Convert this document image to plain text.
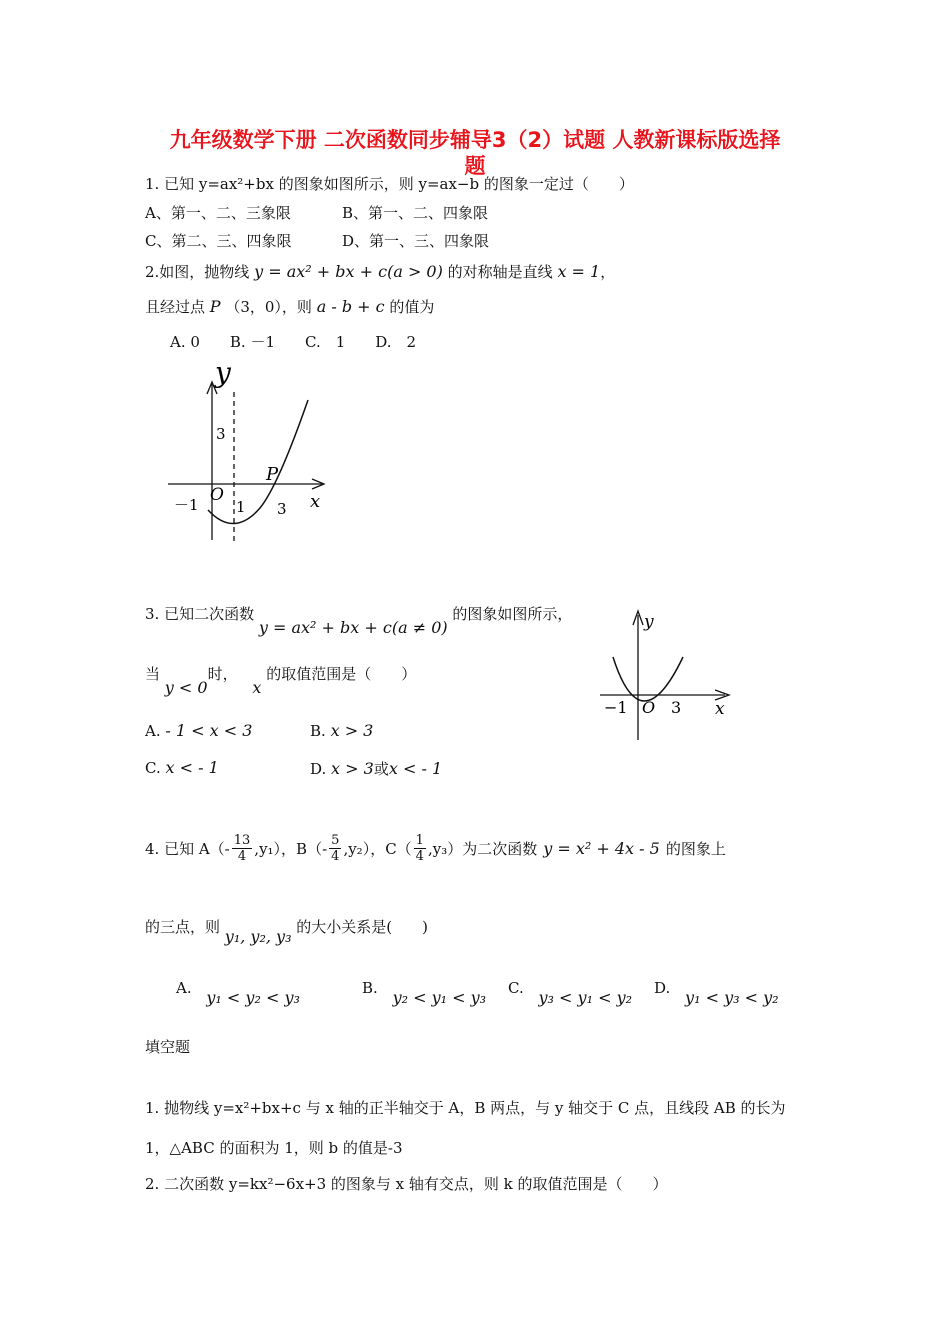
九年级数学下册 二次函数同步辅导3（2）试题 人教新课标版选择
题
1. 已知 y=ax²+bx 的图象如图所示，则 y=ax−b 的图象一定过（　　）
A、第一、二、三象限	B、第一、二、四象限
C、第二、三、四象限	D、第一、三、四象限
2.如图，抛物线 y = ax² + bx + c(a > 0) 的对称轴是直线 x = 1，
且经过点 P （3，0），则 a - b + c 的值为
A. 0　　B. －1　　C.　1　　D.　2
y
x
3
－1 O
1 3
P
3. 已知二次函数 y = ax² + bx + c(a ≠ 0) 的图象如图所示，
当 y < 0时， x 的取值范围是（　　）
A. - 1 < x < 3	B. x > 3
C. x < - 1	D. x > 3或x < - 1
y
x
−1 O 3
4. 已知 $A(- \frac{13}{4} ,y_1)$，$B(- \frac{5}{4} ,y_2)$，$C( \frac{1}{4} ,y_3)$为二次函数 y = x² + 4x - 5 的图象上
的三点，则 y₁, y₂, y₃ 的大小关系是(　　)
A. y₁ < y₂ < y₃	B. y₂ < y₁ < y₃ C. y₃ < y₁ < y₂ D. y₁ < y₃ < y₂
填空题
1. 抛物线 y=x²+bx+c 与 x 轴的正半轴交于 A，B 两点，与 y 轴交于 C 点，且线段 AB 的长为
1，△ABC 的面积为 1，则 b 的值是-3
2. 二次函数 y=kx²−6x+3 的图象与 x 轴有交点，则 k 的取值范围是（　　）
